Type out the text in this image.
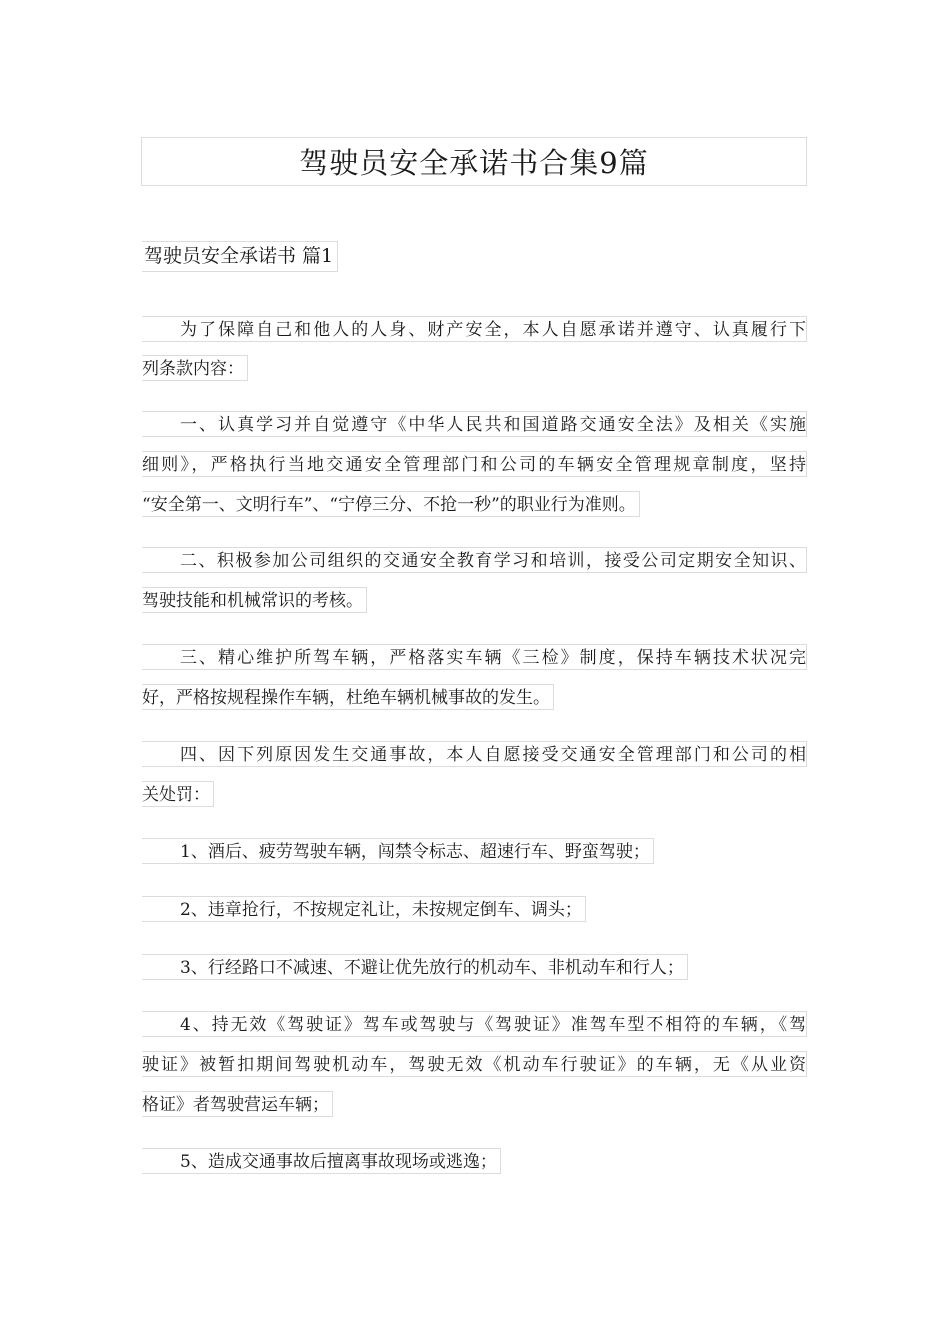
驾驶员安全承诺书合集9篇
驾驶员安全承诺书 篇1
为了保障自己和他人的人身、财产安全，本人自愿承诺并遵守、认真履行下
列条款内容：
一、认真学习并自觉遵守《中华人民共和国道路交通安全法》及相关《实施
细则》，严格执行当地交通安全管理部门和公司的车辆安全管理规章制度，坚持
“安全第一、文明行车”、“宁停三分、不抢一秒”的职业行为准则。
二、积极参加公司组织的交通安全教育学习和培训，接受公司定期安全知识、
驾驶技能和机械常识的考核。
三、精心维护所驾车辆，严格落实车辆《三检》制度，保持车辆技术状况完
好，严格按规程操作车辆，杜绝车辆机械事故的发生。
四、因下列原因发生交通事故，本人自愿接受交通安全管理部门和公司的相
关处罚：
1、酒后、疲劳驾驶车辆，闯禁令标志、超速行车、野蛮驾驶；
2、违章抢行，不按规定礼让，未按规定倒车、调头；
3、行经路口不减速、不避让优先放行的机动车、非机动车和行人；
4、持无效《驾驶证》驾车或驾驶与《驾驶证》准驾车型不相符的车辆，《驾
驶证》被暂扣期间驾驶机动车，驾驶无效《机动车行驶证》的车辆，无《从业资
格证》者驾驶营运车辆；
5、造成交通事故后擅离事故现场或逃逸；
